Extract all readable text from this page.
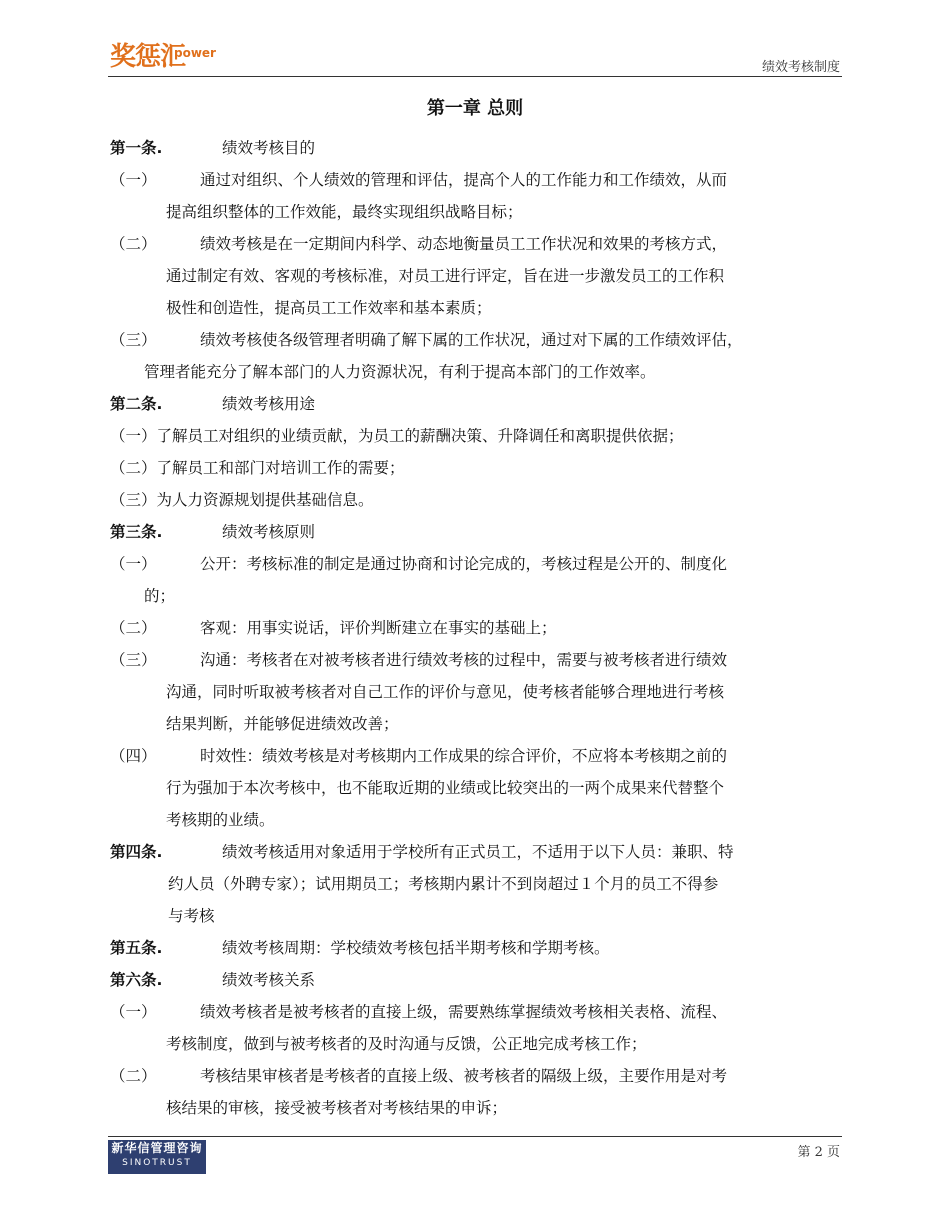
奖惩汇
power
绩效考核制度
第一章 总则
第一条.	绩效考核目的
（一）	通过对组织、个人绩效的管理和评估，提高个人的工作能力和工作绩效，从而
提高组织整体的工作效能，最终实现组织战略目标；
（二）	绩效考核是在一定期间内科学、动态地衡量员工工作状况和效果的考核方式，
通过制定有效、客观的考核标准，对员工进行评定，旨在进一步激发员工的工作积
极性和创造性，提高员工工作效率和基本素质；
（三）	绩效考核使各级管理者明确了解下属的工作状况，通过对下属的工作绩效评估，
管理者能充分了解本部门的人力资源状况，有利于提高本部门的工作效率。
第二条.	绩效考核用途
（一）了解员工对组织的业绩贡献，为员工的薪酬决策、升降调任和离职提供依据；
（二）了解员工和部门对培训工作的需要；
（三）为人力资源规划提供基础信息。
第三条.	绩效考核原则
（一）	公开：考核标准的制定是通过协商和讨论完成的，考核过程是公开的、制度化
的；
（二）	客观：用事实说话，评价判断建立在事实的基础上；
（三）	沟通：考核者在对被考核者进行绩效考核的过程中，需要与被考核者进行绩效
沟通，同时听取被考核者对自己工作的评价与意见，使考核者能够合理地进行考核
结果判断，并能够促进绩效改善；
（四）	时效性：绩效考核是对考核期内工作成果的综合评价，不应将本考核期之前的
行为强加于本次考核中，也不能取近期的业绩或比较突出的一两个成果来代替整个
考核期的业绩。
第四条.	绩效考核适用对象适用于学校所有正式员工，不适用于以下人员：兼职、特
约人员（外聘专家）；试用期员工；考核期内累计不到岗超过１个月的员工不得参
与考核
第五条.	绩效考核周期：学校绩效考核包括半期考核和学期考核。
第六条.	绩效考核关系
（一）	绩效考核者是被考核者的直接上级，需要熟练掌握绩效考核相关表格、流程、
考核制度，做到与被考核者的及时沟通与反馈，公正地完成考核工作；
（二）	考核结果审核者是考核者的直接上级、被考核者的隔级上级，主要作用是对考
核结果的审核，接受被考核者对考核结果的申诉；
新华信管理咨询
SINOTRUST
第 2 页
